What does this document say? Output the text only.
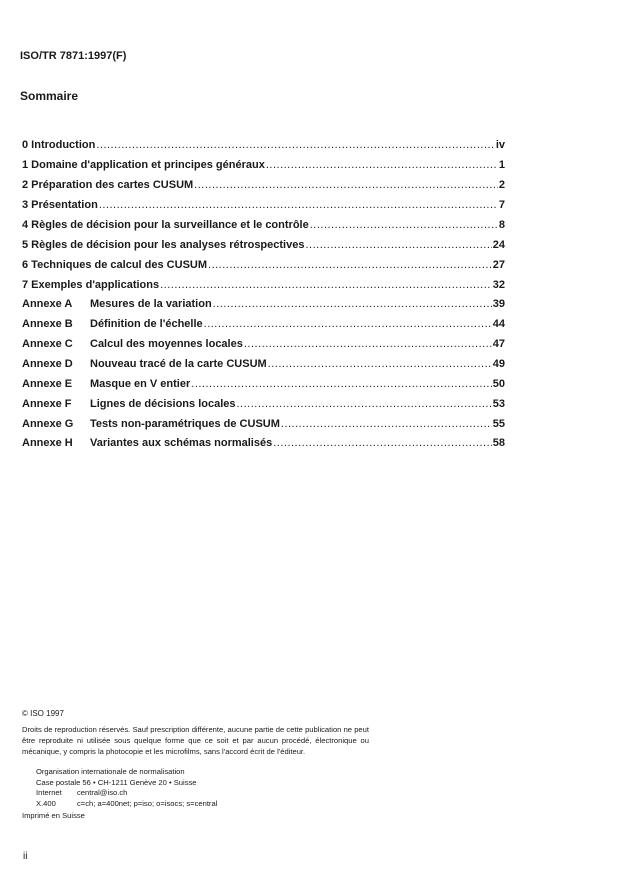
ISO/TR 7871:1997(F)
Sommaire
0 Introduction .....	iv
1 Domaine d'application et principes généraux .....	1
2 Préparation des cartes CUSUM .....	2
3 Présentation .....	7
4 Règles de décision pour la surveillance et le contrôle .....	8
5 Règles de décision pour les analyses rétrospectives .....	24
6 Techniques de calcul des CUSUM .....	27
7 Exemples d'applications .....	32
Annexe A Mesures de la variation .....	39
Annexe B Définition de l'échelle .....	44
Annexe C Calcul des moyennes locales .....	47
Annexe D Nouveau tracé de la carte CUSUM .....	49
Annexe E Masque en V entier .....	50
Annexe F Lignes de décisions locales .....	53
Annexe G Tests non-paramétriques de CUSUM .....	55
Annexe H Variantes aux schémas normalisés .....	58
© ISO 1997
Droits de reproduction réservés. Sauf prescription différente, aucune partie de cette publication ne peut être reproduite ni utilisée sous quelque forme que ce soit et par aucun procédé, électronique ou mécanique, y compris la photocopie et les microfilms, sans l'accord écrit de l'éditeur.
Organisation internationale de normalisation
Case postale 56 • CH-1211 Genève 20 • Suisse
Internet central@iso.ch
X.400	c=ch; a=400net; p=iso; o=isocs; s=central
Imprimé en Suisse
ii
